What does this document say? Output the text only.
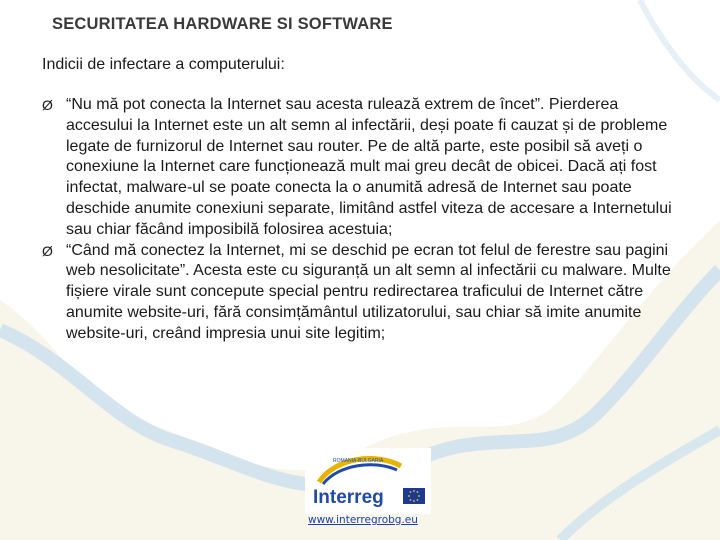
SECURITATEA HARDWARE SI SOFTWARE
Indicii de infectare a computerului:
Ø “Nu mă pot conecta la Internet sau acesta rulează extrem de încet”. Pierderea accesului la Internet este un alt semn al infectării, deși poate fi cauzat și de probleme legate de furnizorul de Internet sau router. Pe de altă parte, este posibil să aveți o conexiune la Internet care funcționează mult mai greu decât de obicei. Dacă ați fost infectat, malware-ul se poate conecta la o anumită adresă de Internet sau poate deschide anumite conexiuni separate, limitând astfel viteza de accesare a Internetului sau chiar făcând imposibilă folosirea acestuia;
Ø “Când mă conectez la Internet, mi se deschid pe ecran tot felul de ferestre sau pagini web nesolicitate”. Acesta este cu siguranță un alt semn al infectării cu malware. Multe fișiere virale sunt concepute special pentru redirectarea traficului de Internet către anumite website-uri, fără consimțământul utilizatorului, sau chiar să imite anumite website-uri, creând impresia unui site legitim;
ROMANIA-BULGARIA
Interreg
www.interregrobg.eu
